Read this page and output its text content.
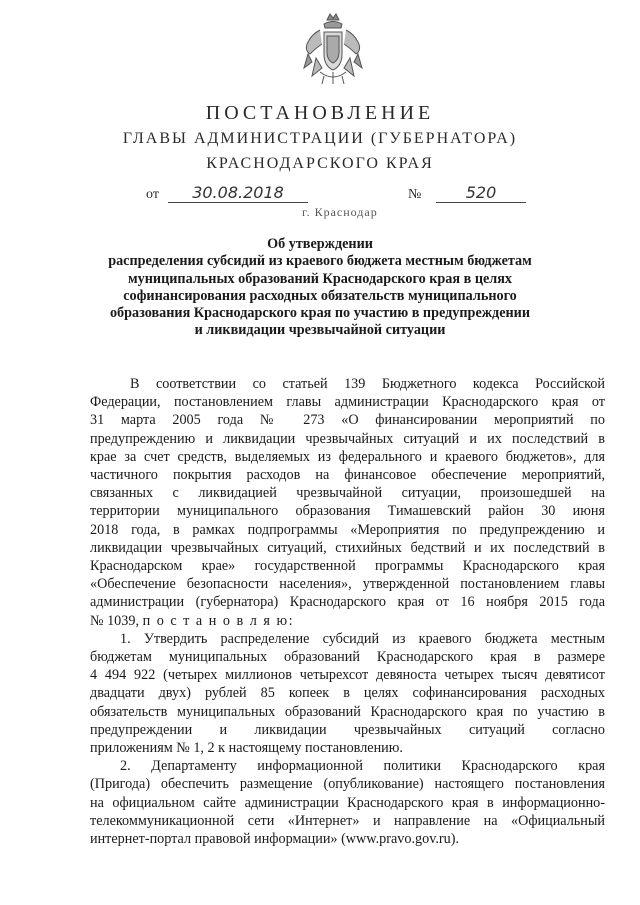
ПОСТАНОВЛЕНИЕ
ГЛАВЫ АДМИНИСТРАЦИИ (ГУБЕРНАТОРА)
КРАСНОДАРСКОГО КРАЯ
от	30.08.2018	№	520
г. Краснодар
Об утверждении
распределения субсидий из краевого бюджета местным бюджетам
муниципальных образований Краснодарского края в целях
софинансирования расходных обязательств муниципального
образования Краснодарского края по участию в предупреждении
и ликвидации чрезвычайной ситуации
В соответствии со статьей 139 Бюджетного кодекса Российской
Федерации, постановлением главы администрации Краснодарского края от
31 марта 2005 года № 273 «О финансировании мероприятий по
предупреждению и ликвидации чрезвычайных ситуаций и их последствий в
крае за счет средств, выделяемых из федерального и краевого бюджетов», для
частичного покрытия расходов на финансовое обеспечение мероприятий,
связанных с ликвидацией чрезвычайной ситуации, произошедшей на
территории муниципального образования Тимашевский район 30 июня
2018 года, в рамках подпрограммы «Мероприятия по предупреждению и
ликвидации чрезвычайных ситуаций, стихийных бедствий и их последствий в
Краснодарском крае» государственной программы Краснодарского края
«Обеспечение безопасности населения», утвержденной постановлением главы
администрации (губернатора) Краснодарского края от 16 ноября 2015 года
№ 1039, п о с т а н о в л я ю:
1. Утвердить распределение субсидий из краевого бюджета местным
бюджетам муниципальных образований Краснодарского края в размере
4 494 922 (четырех миллионов четырехсот девяноста четырех тысяч девятисот
двадцати двух) рублей 85 копеек в целях софинансирования расходных
обязательств муниципальных образований Краснодарского края по участию в
предупреждении и ликвидации чрезвычайных ситуаций согласно
приложениям № 1, 2 к настоящему постановлению.
2. Департаменту информационной политики Краснодарского края
(Пригода) обеспечить размещение (опубликование) настоящего постановления
на официальном сайте администрации Краснодарского края в информационно-
телекоммуникационной сети «Интернет» и направление на «Официальный
интернет-портал правовой информации» (www.pravo.gov.ru).
